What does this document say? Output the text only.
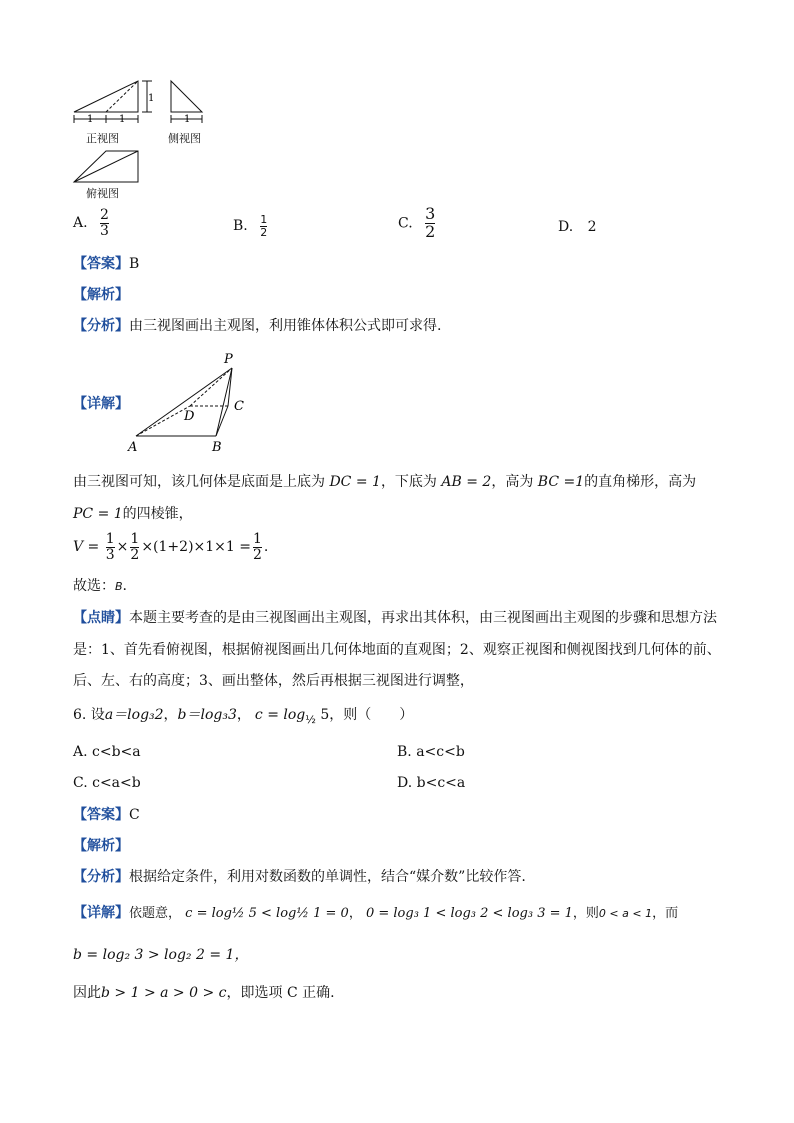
1
1	1	1
正视图	侧视图
俯视图
A. $\frac{2}{3}$	B. $\frac{1}{2}$	C. $\frac{3}{2}$	D. 2
【答案】B
【解析】
【分析】由三视图画出主观图，利用锥体体积公式即可求得.
【详解】
P
C
D
A	B
由三视图可知，该几何体是底面是上底为 DC = 1，下底为 AB = 2，高为 BC =1的直角梯形，高为
PC = 1的四棱锥，
$V = \frac{1}{3} \times \frac{1}{2} \times(1+2)\times 1\times 1 = \frac{1}{2}$ .
故选：B.
【点睛】本题主要考查的是由三视图画出主观图，再求出其体积，由三视图画出主观图的步骤和思想方法
是：1、首先看俯视图，根据俯视图画出几何体地面的直观图；2、观察正视图和侧视图找到几何体的前、
后、左、右的高度；3、画出整体，然后再根据三视图进行调整，
6. 设a＝log₃2，b＝log₃3， $c = \log_{\frac{1}{2}} 5$，则（　　）
A. c<b<a	B. a<c<b
C. c<a<b	D. b<c<a
【答案】C
【解析】
【分析】根据给定条件，利用对数函数的单调性，结合“媒介数”比较作答.
【详解】依题意， c = log½ 5 < log½ 1 = 0， 0 = log₃ 1 < log₃ 2 < log₃ 3 = 1，则0 < a < 1，而
b = log₂ 3 > log₂ 2 = 1，
因此b > 1 > a > 0 > c，即选项 C 正确.
